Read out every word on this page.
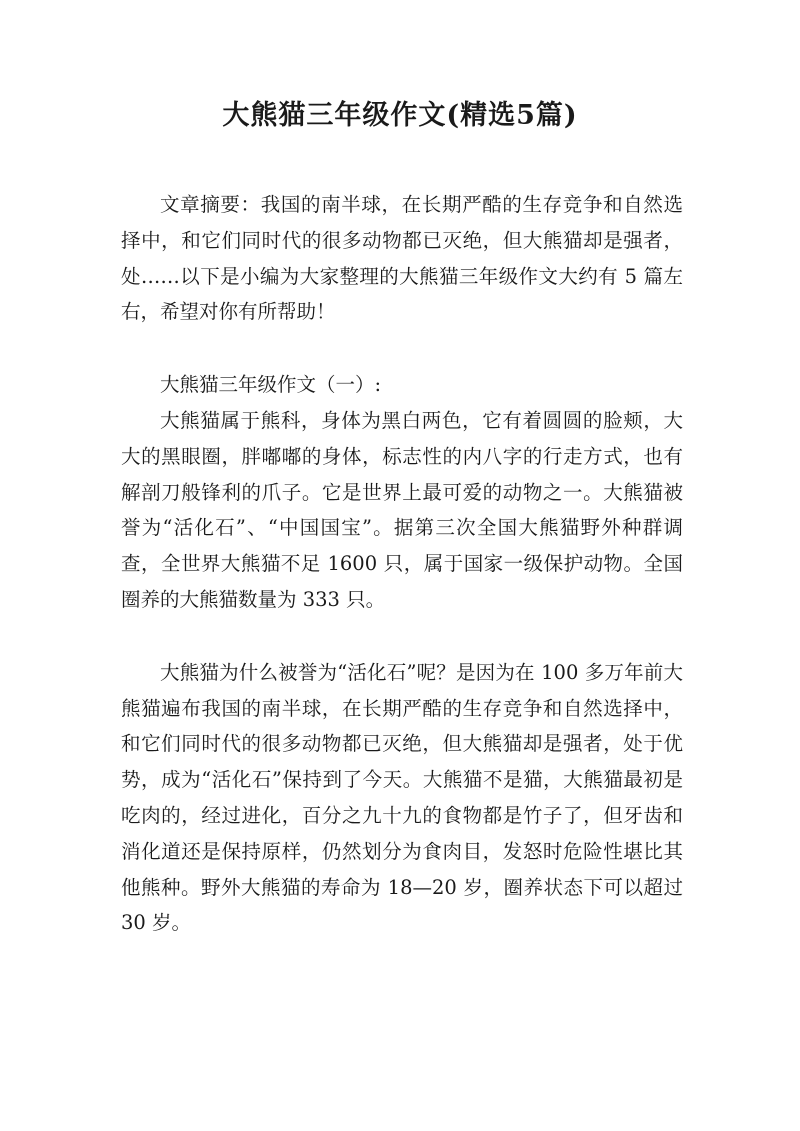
大熊猫三年级作文(精选5篇)

文章摘要：我国的南半球，在长期严酷的生存竞争和自然选择中，和它们同时代的很多动物都已灭绝，但大熊猫却是强者，处……以下是小编为大家整理的大熊猫三年级作文大约有 5 篇左右，希望对你有所帮助！

大熊猫三年级作文（一）:

大熊猫属于熊科，身体为黑白两色，它有着圆圆的脸颊，大大的黑眼圈，胖嘟嘟的身体，标志性的内八字的行走方式，也有解剖刀般锋利的爪子。它是世界上最可爱的动物之一。大熊猫被誉为“活化石”、“中国国宝”。据第三次全国大熊猫野外种群调查，全世界大熊猫不足 1600 只，属于国家一级保护动物。全国圈养的大熊猫数量为 333 只。

大熊猫为什么被誉为“活化石”呢？是因为在 100 多万年前大熊猫遍布我国的南半球，在长期严酷的生存竞争和自然选择中，和它们同时代的很多动物都已灭绝，但大熊猫却是强者，处于优势，成为“活化石”保持到了今天。大熊猫不是猫，大熊猫最初是吃肉的，经过进化，百分之九十九的食物都是竹子了，但牙齿和消化道还是保持原样，仍然划分为食肉目，发怒时危险性堪比其他熊种。野外大熊猫的寿命为 18—20 岁，圈养状态下可以超过 30 岁。
